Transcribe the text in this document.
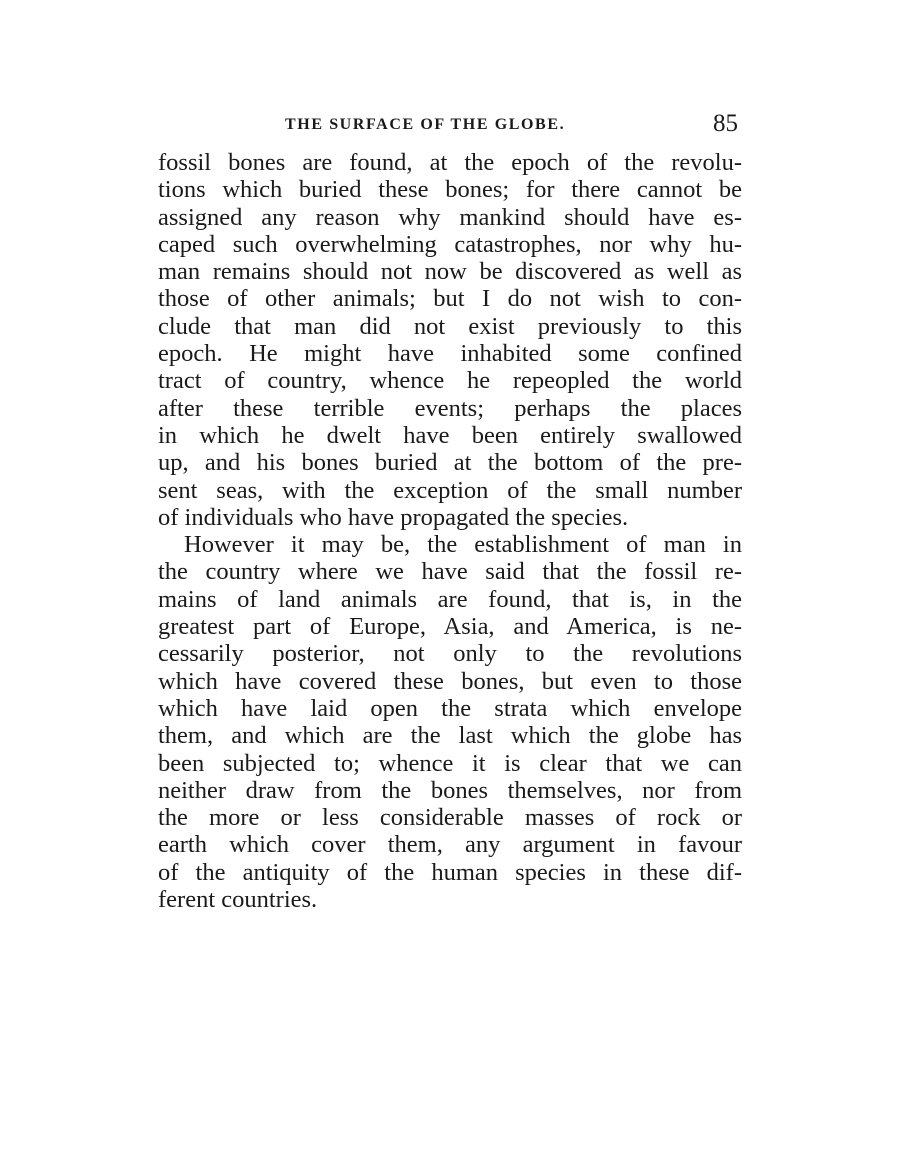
THE SURFACE OF THE GLOBE.	85
fossil bones are found, at the epoch of the revolu-
tions which buried these bones; for there cannot be
assigned any reason why mankind should have es-
caped such overwhelming catastrophes, nor why hu-
man remains should not now be discovered as well as
those of other animals; but I do not wish to con-
clude that man did not exist previously to this
epoch. He might have inhabited some confined
tract of country, whence he repeopled the world
after these terrible events; perhaps the places
in which he dwelt have been entirely swallowed
up, and his bones buried at the bottom of the pre-
sent seas, with the exception of the small number
of individuals who have propagated the species.
However it may be, the establishment of man in
the country where we have said that the fossil re-
mains of land animals are found, that is, in the
greatest part of Europe, Asia, and America, is ne-
cessarily posterior, not only to the revolutions
which have covered these bones, but even to those
which have laid open the strata which envelope
them, and which are the last which the globe has
been subjected to; whence it is clear that we can
neither draw from the bones themselves, nor from
the more or less considerable masses of rock or
earth which cover them, any argument in favour
of the antiquity of the human species in these dif-
ferent countries.
